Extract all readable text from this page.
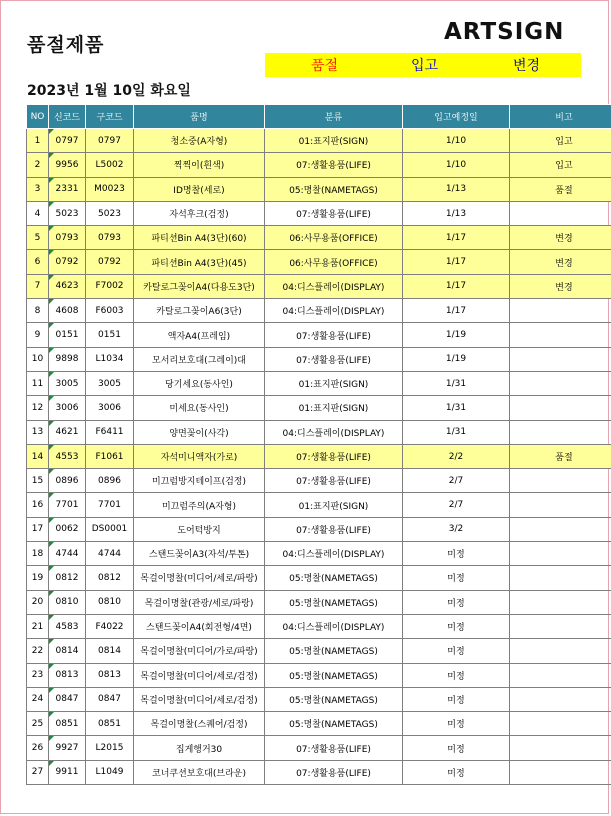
품절제품	ARTSIGN
품절	입고	변경
2023년 1월 10일 화요일
NO	신코드	구코드	품명	분류	입고예정일	비고
1	0797	0797	청소중(A자형)	01:표지판(SIGN)	1/10	입고
2	9956	L5002	찍찍이(흰색)	07:생활용품(LIFE)	1/10	입고
3	2331	M0023	ID명찰(세로)	05:명찰(NAMETAGS)	1/13	품절
4	5023	5023	자석후크(검정)	07:생활용품(LIFE)	1/13	
5	0793	0793	파티션Bin A4(3단)(60)	06:사무용품(OFFICE)	1/17	변경
6	0792	0792	파티션Bin A4(3단)(45)	06:사무용품(OFFICE)	1/17	변경
7	4623	F7002	카탈로그꽂이A4(다용도3단)	04:디스플레이(DISPLAY)	1/17	변경
8	4608	F6003	카탈로그꽂이A6(3단)	04:디스플레이(DISPLAY)	1/17	
9	0151	0151	액자A4(프레임)	07:생활용품(LIFE)	1/19	
10	9898	L1034	모서리보호대(그레이)대	07:생활용품(LIFE)	1/19	
11	3005	3005	당기세요(동사인)	01:표지판(SIGN)	1/31	
12	3006	3006	미세요(동사인)	01:표지판(SIGN)	1/31	
13	4621	F6411	양면꽂이(사각)	04:디스플레이(DISPLAY)	1/31	
14	4553	F1061	자석미니액자(가로)	07:생활용품(LIFE)	2/2	품절
15	0896	0896	미끄럼방지테이프(검정)	07:생활용품(LIFE)	2/7	
16	7701	7701	미끄럼주의(A자형)	01:표지판(SIGN)	2/7	
17	0062	DS0001	도어턱방지	07:생활용품(LIFE)	3/2	
18	4744	4744	스탠드꽂이A3(자석/투톤)	04:디스플레이(DISPLAY)	미정	
19	0812	0812	목걸이명찰(미디어/세로/파랑)	05:명찰(NAMETAGS)	미정	
20	0810	0810	목걸이명찰(관광/세로/파랑)	05:명찰(NAMETAGS)	미정	
21	4583	F4022	스탠드꽂이A4(회전형/4면)	04:디스플레이(DISPLAY)	미정	
22	0814	0814	목걸이명찰(미디어/가로/파랑)	05:명찰(NAMETAGS)	미정	
23	0813	0813	목걸이명찰(미디어/세로/검정)	05:명찰(NAMETAGS)	미정	
24	0847	0847	목걸이명찰(미디어/세로/검정)	05:명찰(NAMETAGS)	미정	
25	0851	0851	목걸이명찰(스퀘어/검정)	05:명찰(NAMETAGS)	미정	
26	9927	L2015	집게행거30	07:생활용품(LIFE)	미정	
27	9911	L1049	코너쿠션보호대(브라운)	07:생활용품(LIFE)	미정	
